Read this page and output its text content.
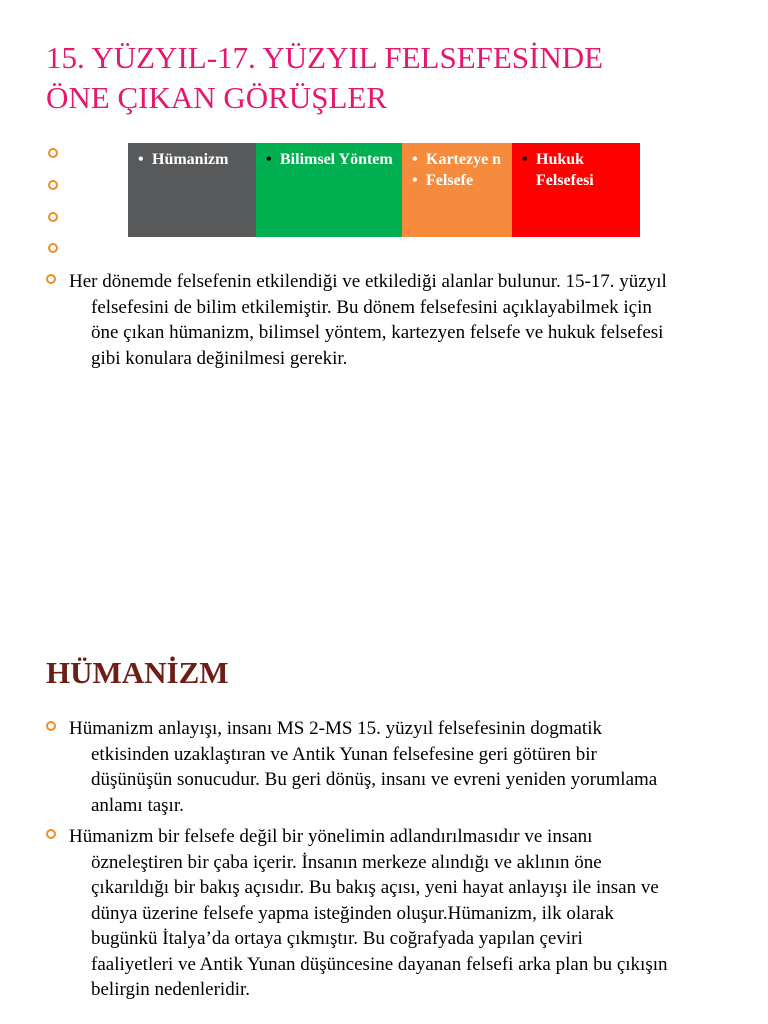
15. YÜZYIL-17. YÜZYIL FELSEFESİNDE
ÖNE ÇIKAN GÖRÜŞLER
• Hümanizm	• Bilimsel Yöntem	• Kartezye n
• Felsefe
• Hukuk Felsefesi
Her dönemde felsefenin etkilendiği ve etkilediği alanlar bulunur. 15-17. yüzyıl felsefesini de bilim etkilemiştir. Bu dönem felsefesini açıklayabilmek için öne çıkan hümanizm, bilimsel yöntem, kartezyen felsefe ve hukuk felsefesi gibi konulara değinilmesi gerekir.
HÜMANİZM
Hümanizm anlayışı, insanı MS 2-MS 15. yüzyıl felsefesinin dogmatik etkisinden uzaklaştıran ve Antik Yunan felsefesine geri götüren bir düşünüşün sonucudur. Bu geri dönüş, insanı ve evreni yeniden yorumlama anlamı taşır.
Hümanizm bir felsefe değil bir yönelimin adlandırılmasıdır ve insanı özneleştiren bir çaba içerir. İnsanın merkeze alındığı ve aklının öne çıkarıldığı bir bakış açısıdır. Bu bakış açısı, yeni hayat anlayışı ile insan ve dünya üzerine felsefe yapma isteğinden oluşur.Hümanizm, ilk olarak bugünkü İtalya’da ortaya çıkmıştır. Bu coğrafyada yapılan çeviri faaliyetleri ve Antik Yunan düşüncesine dayanan felsefi arka plan bu çıkışın belirgin nedenleridir.
